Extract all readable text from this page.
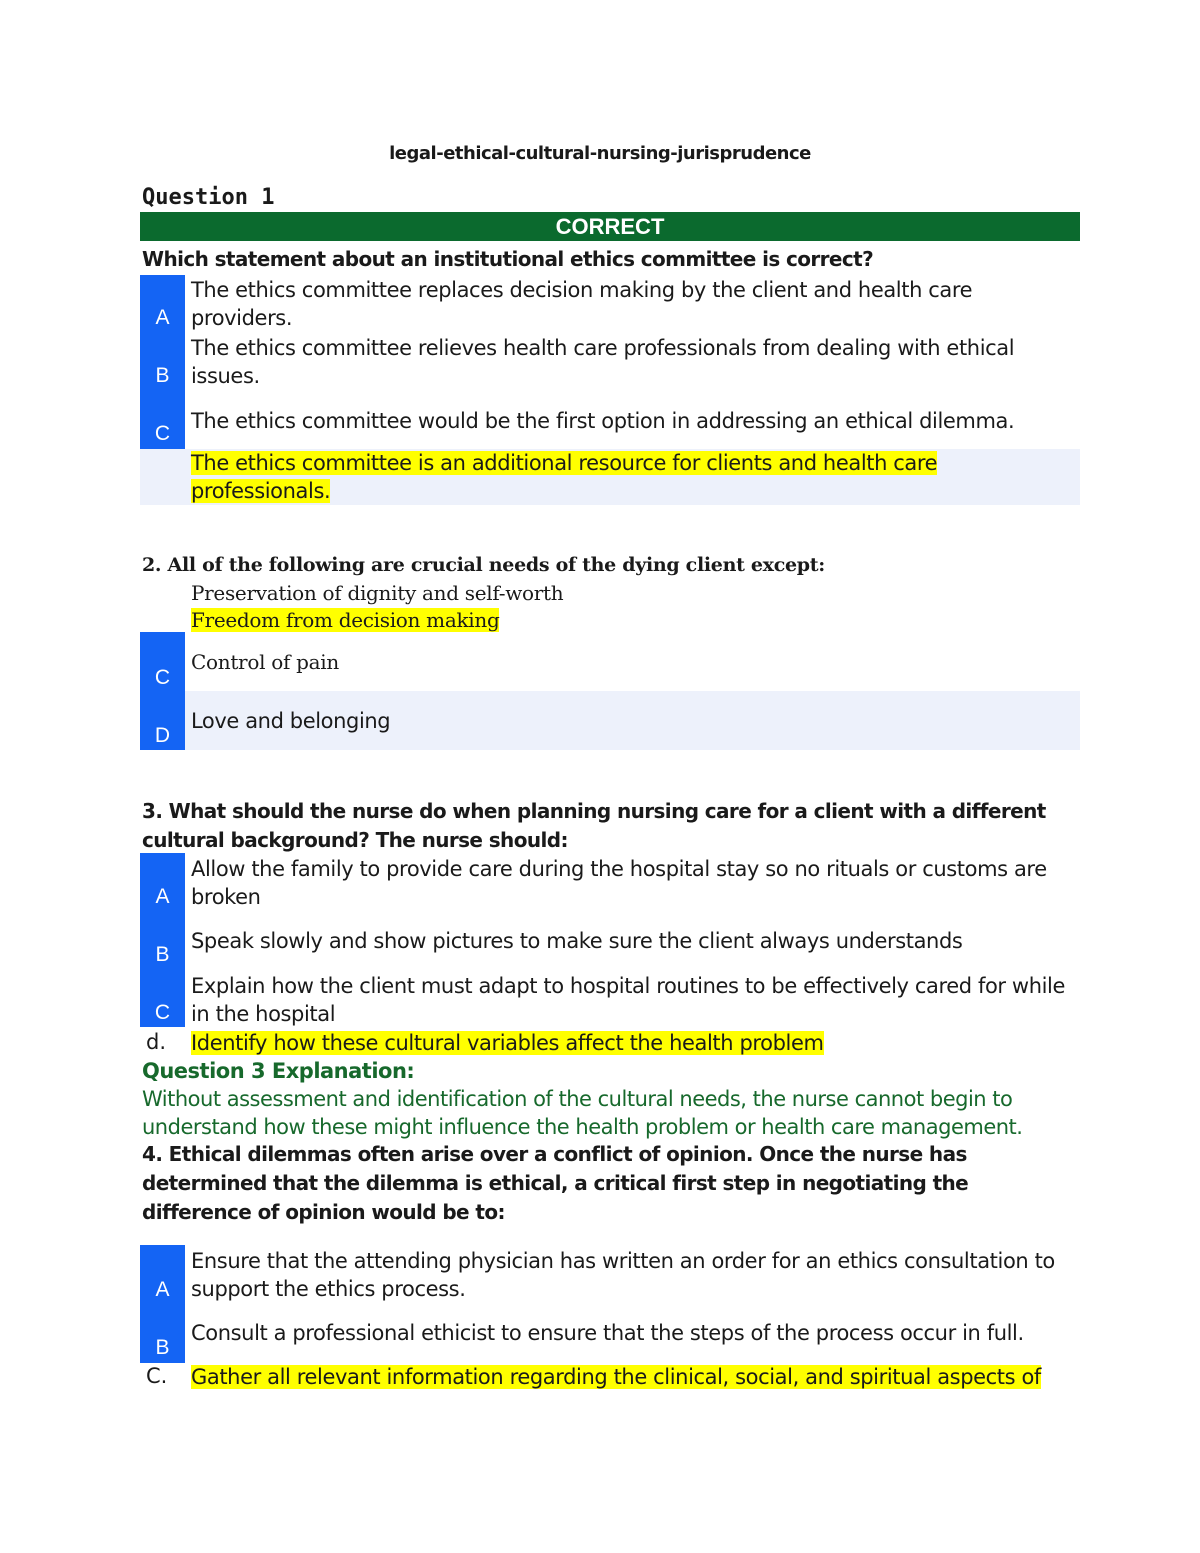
legal-ethical-cultural-nursing-jurisprudence
Question 1
CORRECT
Which statement about an institutional ethics committee is correct?
A
B
C
The ethics committee replaces decision making by the client and health care providers.
The ethics committee relieves health care professionals from dealing with ethical issues.
The ethics committee would be the first option in addressing an ethical dilemma.
The ethics committee is an additional resource for clients and health care professionals.
2. All of the following are crucial needs of the dying client except:
Preservation of dignity and self-worth
Freedom from decision making
C
D
Control of pain
Love and belonging
3. What should the nurse do when planning nursing care for a client with a different cultural background? The nurse should:
A
B
C
Allow the family to provide care during the hospital stay so no rituals or customs are broken
Speak slowly and show pictures to make sure the client always understands
Explain how the client must adapt to hospital routines to be effectively cared for while in the hospital
d. Identify how these cultural variables affect the health problem
Question 3 Explanation:
Without assessment and identification of the cultural needs, the nurse cannot begin to understand how these might influence the health problem or health care management.
4. Ethical dilemmas often arise over a conflict of opinion. Once the nurse has determined that the dilemma is ethical, a critical first step in negotiating the difference of opinion would be to:
A
B
Ensure that the attending physician has written an order for an ethics consultation to support the ethics process.
Consult a professional ethicist to ensure that the steps of the process occur in full.
C. Gather all relevant information regarding the clinical, social, and spiritual aspects of
